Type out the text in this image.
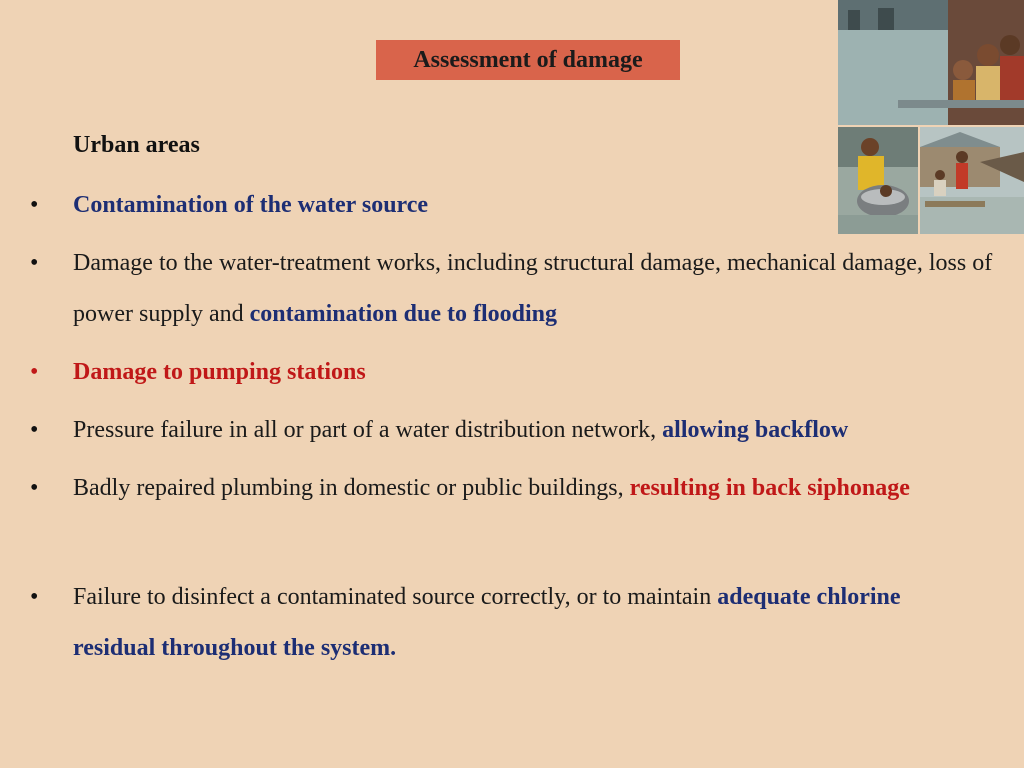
Assessment of damage
Urban areas
• Contamination of the water source
• Damage to the water-treatment works, including structural damage, mechanical damage, loss of power supply and contamination due to flooding
• Damage to pumping stations
• Pressure failure in all or part of a water distribution network, allowing backflow
• Badly repaired plumbing in domestic or public buildings, resulting in back siphonage
• Failure to disinfect a contaminated source correctly, or to maintain adequate chlorine residual throughout the system.
